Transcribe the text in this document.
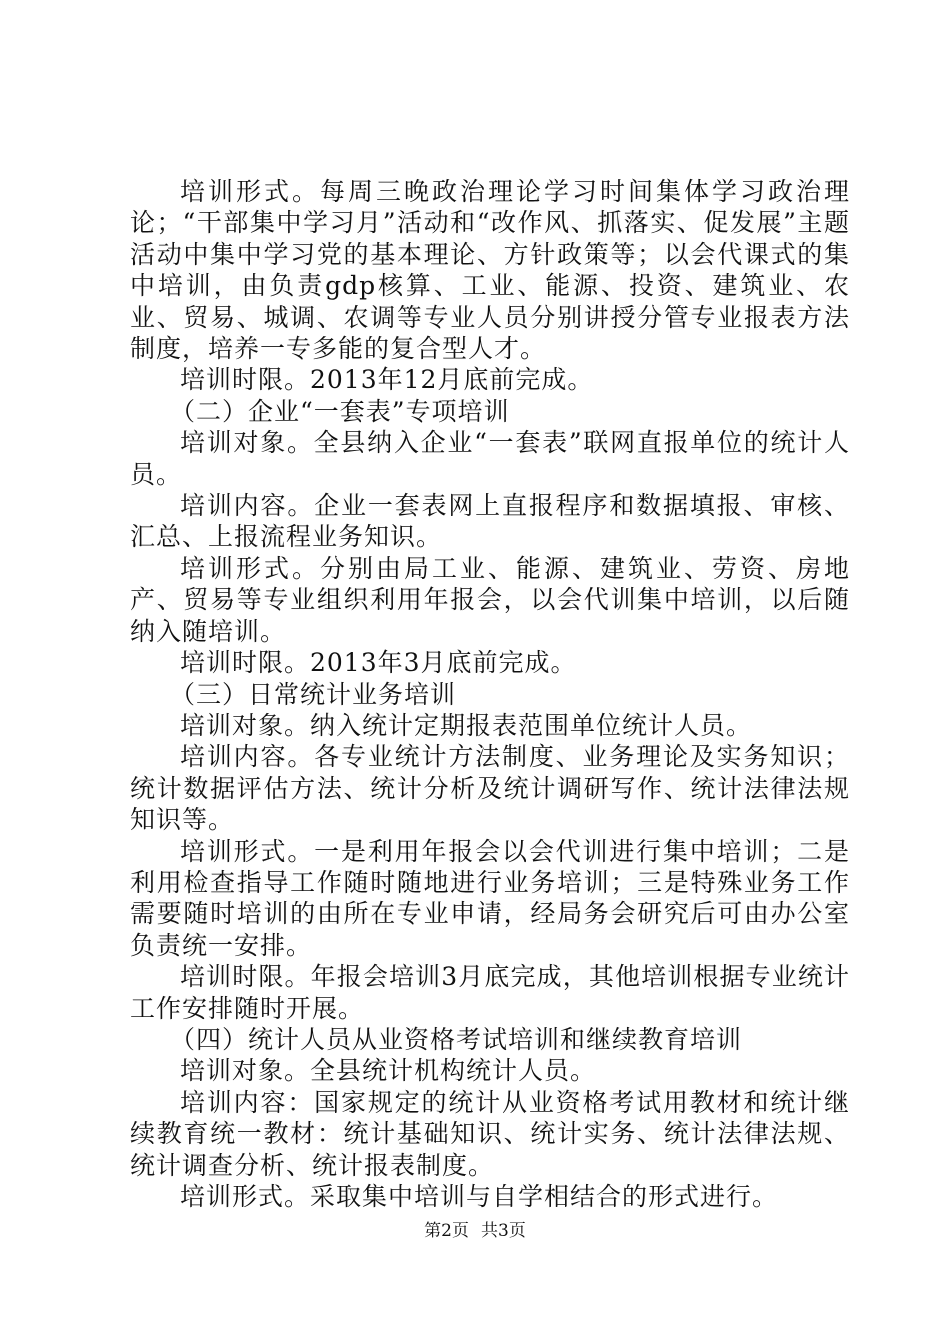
培训形式。每周三晚政治理论学习时间集体学习政治理论；“干部集中学习月”活动和“改作风、抓落实、促发展”主题活动中集中学习党的基本理论、方针政策等；以会代课式的集中培训，由负责gdp核算、工业、能源、投资、建筑业、农业、贸易、城调、农调等专业人员分别讲授分管专业报表方法制度，培养一专多能的复合型人才。

培训时限。2013年12月底前完成。

（二）企业“一套表”专项培训

培训对象。全县纳入企业“一套表”联网直报单位的统计人员。

培训内容。企业一套表网上直报程序和数据填报、审核、汇总、上报流程业务知识。

培训形式。分别由局工业、能源、建筑业、劳资、房地产、贸易等专业组织利用年报会，以会代训集中培训，以后随纳入随培训。

培训时限。2013年3月底前完成。

（三）日常统计业务培训

培训对象。纳入统计定期报表范围单位统计人员。

培训内容。各专业统计方法制度、业务理论及实务知识；统计数据评估方法、统计分析及统计调研写作、统计法律法规知识等。

培训形式。一是利用年报会以会代训进行集中培训；二是利用检查指导工作随时随地进行业务培训；三是特殊业务工作需要随时培训的由所在专业申请，经局务会研究后可由办公室负责统一安排。

培训时限。年报会培训3月底完成，其他培训根据专业统计工作安排随时开展。

（四）统计人员从业资格考试培训和继续教育培训

培训对象。全县统计机构统计人员。

培训内容：国家规定的统计从业资格考试用教材和统计继续教育统一教材：统计基础知识、统计实务、统计法律法规、统计调查分析、统计报表制度。

培训形式。采取集中培训与自学相结合的形式进行。

第2页 共3页
